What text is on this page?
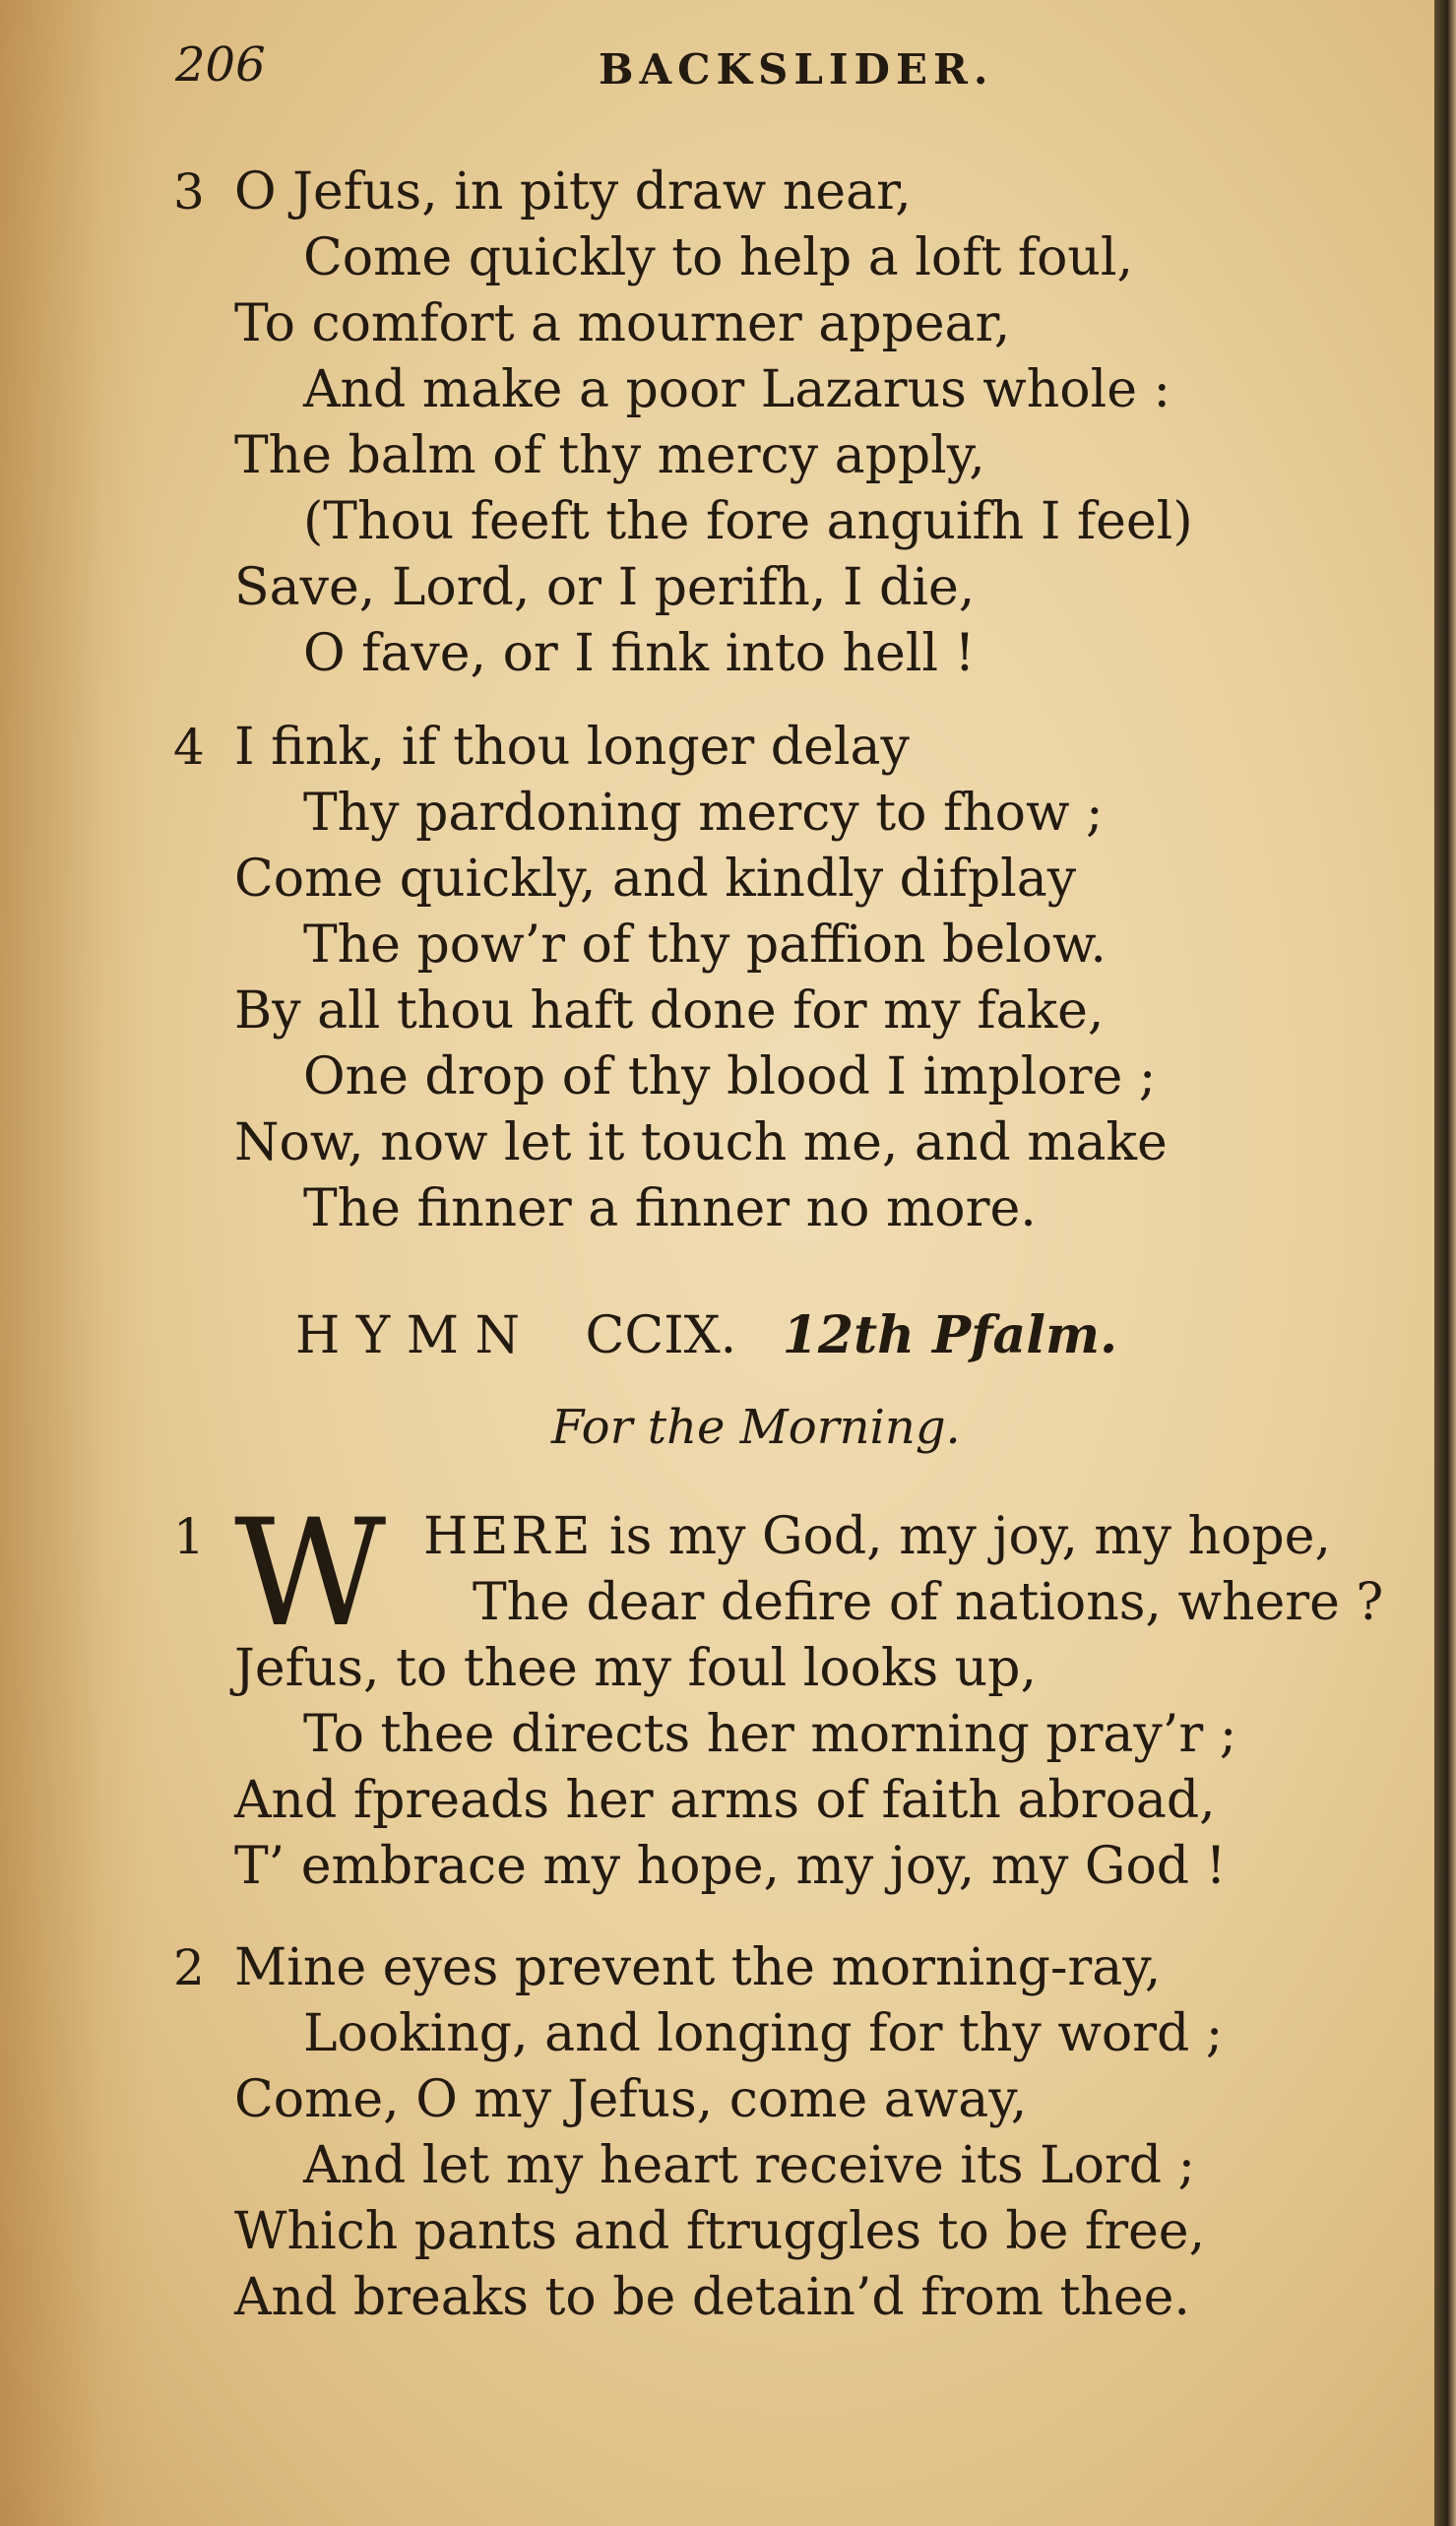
206	BACKSLIDER.
3 O Jefus, in pity draw near,
Come quickly to help a loft foul,
To comfort a mourner appear,
And make a poor Lazarus whole :
The balm of thy mercy apply,
(Thou feeft the fore anguifh I feel)
Save, Lord, or I perifh, I die,
O fave, or I fink into hell !
4 I fink, if thou longer delay
Thy pardoning mercy to fhow ;
Come quickly, and kindly difplay
The pow’r of thy paffion below.
By all thou haft done for my fake,
One drop of thy blood I implore ;
Now, now let it touch me, and make
The finner a finner no more.
H Y M N CCIX. 12th Pfalm.
For the Morning.
1 W HERE is my God, my joy, my hope,
The dear defire of nations, where ?
Jefus, to thee my foul looks up,
To thee directs her morning pray’r ;
And fpreads her arms of faith abroad,
T’ embrace my hope, my joy, my God !
2 Mine eyes prevent the morning-ray,
Looking, and longing for thy word ;
Come, O my Jefus, come away,
And let my heart receive its Lord ;
Which pants and ftruggles to be free,
And breaks to be detain’d from thee.
